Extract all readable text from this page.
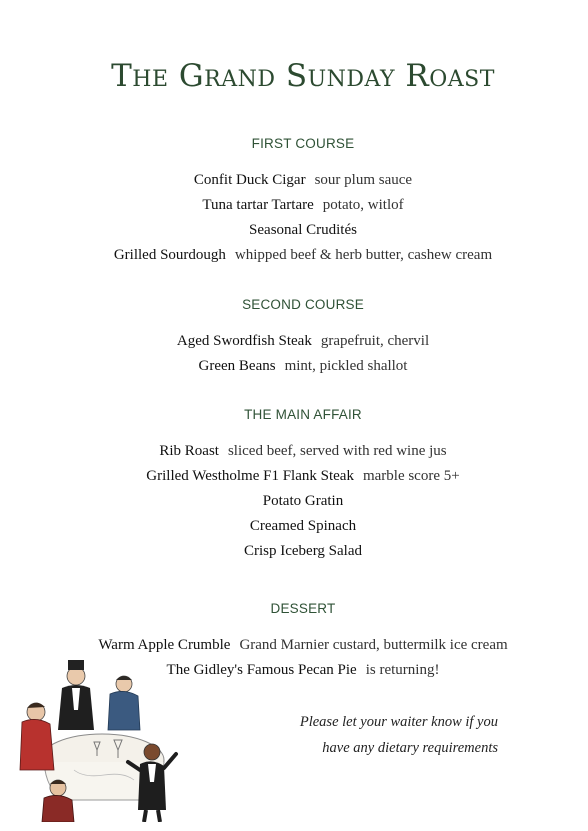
The Grand Sunday Roast
FIRST COURSE
Confit Duck Cigar sour plum sauce
Tuna tartar Tartare potato, witlof
Seasonal Crudités
Grilled Sourdough whipped beef & herb butter, cashew cream
SECOND COURSE
Aged Swordfish Steak grapefruit, chervil
Green Beans mint, pickled shallot
THE MAIN AFFAIR
Rib Roast sliced beef, served with red wine jus
Grilled Westholme F1 Flank Steak marble score 5+
Potato Gratin
Creamed Spinach
Crisp Iceberg Salad
DESSERT
Warm Apple Crumble Grand Marnier custard, buttermilk ice cream
The Gidley's Famous Pecan Pie is returning!
Please let your waiter know if you
have any dietary requirements
